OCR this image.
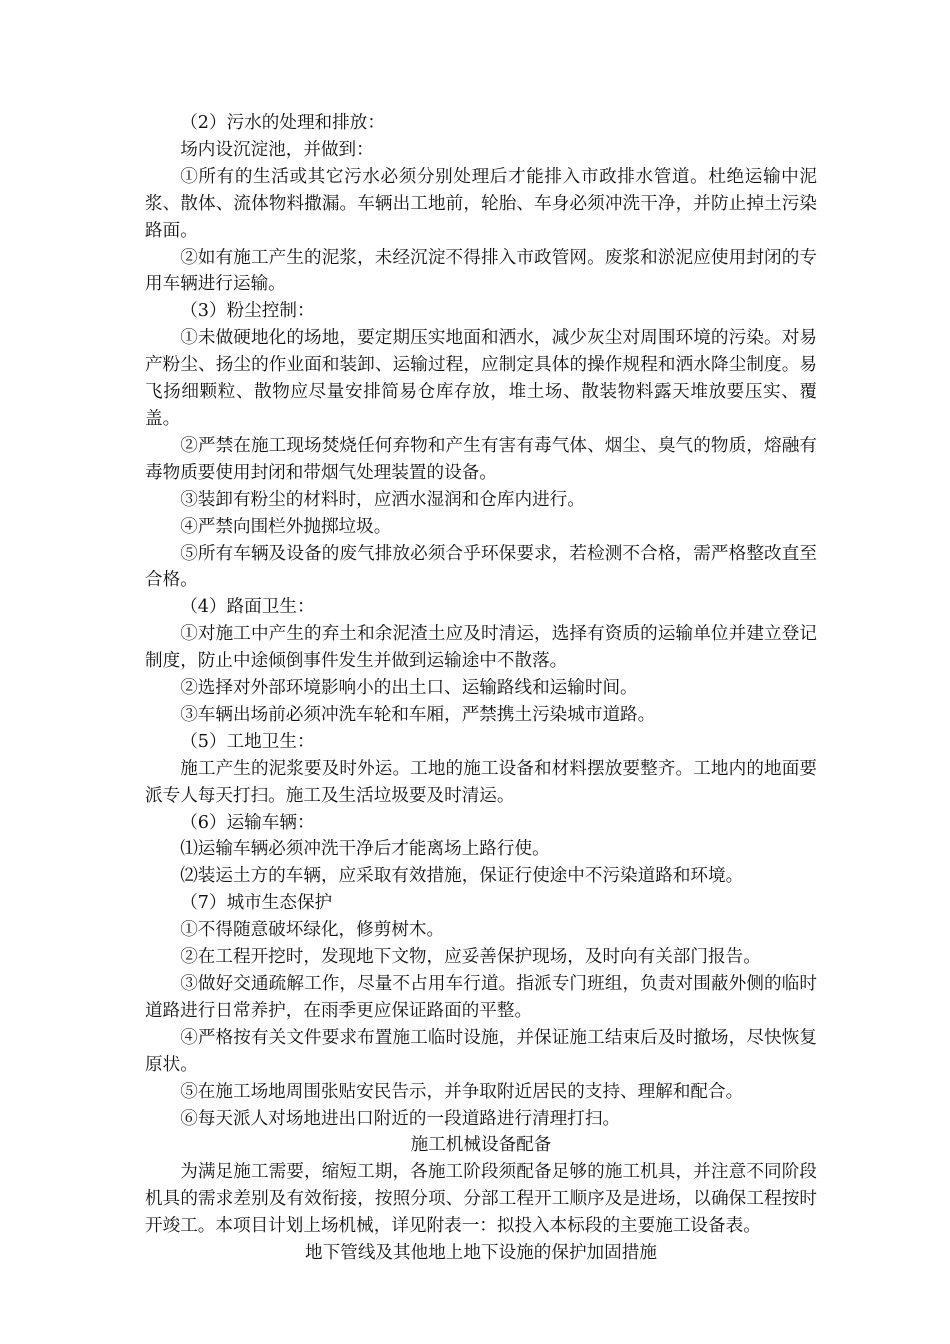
（2）污水的处理和排放：

场内设沉淀池，并做到：

①所有的生活或其它污水必须分别处理后才能排入市政排水管道。杜绝运输中泥浆、散体、流体物料撒漏。车辆出工地前，轮胎、车身必须冲洗干净，并防止掉土污染路面。

②如有施工产生的泥浆，未经沉淀不得排入市政管网。废浆和淤泥应使用封闭的专用车辆进行运输。

（3）粉尘控制：

①未做硬地化的场地，要定期压实地面和洒水，减少灰尘对周围环境的污染。对易产粉尘、扬尘的作业面和装卸、运输过程，应制定具体的操作规程和洒水降尘制度。易飞扬细颗粒、散物应尽量安排简易仓库存放，堆土场、散装物料露天堆放要压实、覆盖。

②严禁在施工现场焚烧任何弃物和产生有害有毒气体、烟尘、臭气的物质，熔融有毒物质要使用封闭和带烟气处理装置的设备。

③装卸有粉尘的材料时，应洒水湿润和仓库内进行。

④严禁向围栏外抛掷垃圾。

⑤所有车辆及设备的废气排放必须合乎环保要求，若检测不合格，需严格整改直至合格。

（4）路面卫生：

①对施工中产生的弃土和余泥渣土应及时清运，选择有资质的运输单位并建立登记制度，防止中途倾倒事件发生并做到运输途中不散落。

②选择对外部环境影响小的出土口、运输路线和运输时间。

③车辆出场前必须冲洗车轮和车厢，严禁携土污染城市道路。

（5）工地卫生：

施工产生的泥浆要及时外运。工地的施工设备和材料摆放要整齐。工地内的地面要派专人每天打扫。施工及生活垃圾要及时清运。

（6）运输车辆：

⑴运输车辆必须冲洗干净后才能离场上路行使。

⑵装运土方的车辆，应采取有效措施，保证行使途中不污染道路和环境。

（7）城市生态保护

①不得随意破坏绿化，修剪树木。

②在工程开挖时，发现地下文物，应妥善保护现场，及时向有关部门报告。

③做好交通疏解工作，尽量不占用车行道。指派专门班组，负责对围蔽外侧的临时道路进行日常养护，在雨季更应保证路面的平整。

④严格按有关文件要求布置施工临时设施，并保证施工结束后及时撤场，尽快恢复原状。

⑤在施工场地周围张贴安民告示，并争取附近居民的支持、理解和配合。

⑥每天派人对场地进出口附近的一段道路进行清理打扫。

施工机械设备配备

为满足施工需要，缩短工期，各施工阶段须配备足够的施工机具，并注意不同阶段机具的需求差别及有效衔接，按照分项、分部工程开工顺序及是进场，以确保工程按时开竣工。本项目计划上场机械，详见附表一：拟投入本标段的主要施工设备表。

地下管线及其他地上地下设施的保护加固措施
